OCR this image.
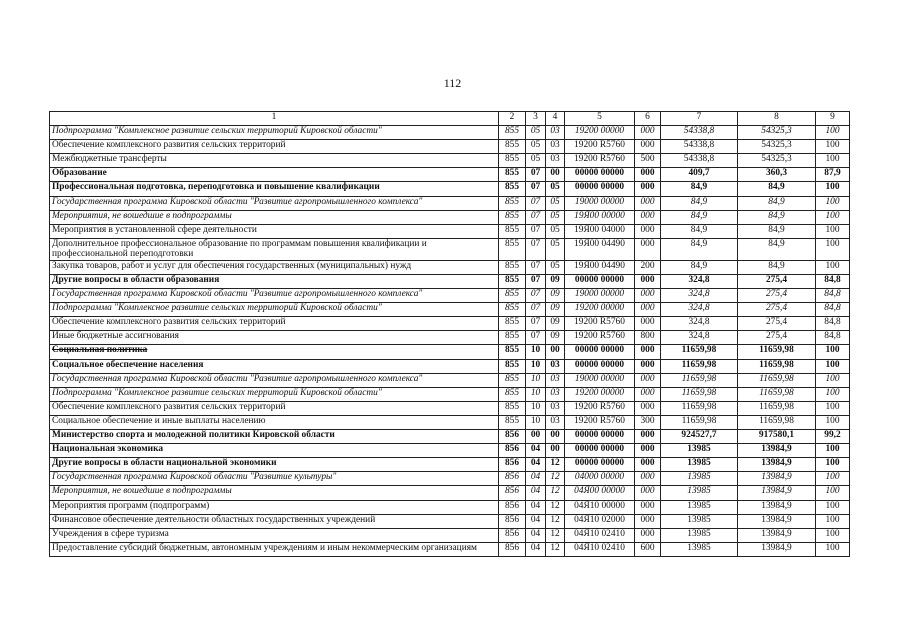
112
1	2	3	4	5	6	7	8	9
Подпрограмма "Комплексное развитие сельских территорий Кировской области"	855	05	03	19200 00000	000	54338,8	54325,3	100
Обеспечение комплексного развития сельских территорий	855	05	03	19200 R5760	000	54338,8	54325,3	100
Межбюджетные трансферты	855	05	03	19200 R5760	500	54338,8	54325,3	100
Образование	855	07	00	00000 00000	000	409,7	360,3	87,9
Профессиональная подготовка, переподготовка и повышение квалификации	855	07	05	00000 00000	000	84,9	84,9	100
Государственная программа Кировской области "Развитие агропромышленного комплекса"	855	07	05	19000 00000	000	84,9	84,9	100
Мероприятия, не вошедшие в подпрограммы	855	07	05	19Я00 00000	000	84,9	84,9	100
Мероприятия в установленной сфере деятельности	855	07	05	19Я00 04000	000	84,9	84,9	100
Дополнительное профессиональное образование по программам повышения квалификации и профессиональной переподготовки	855	07	05	19Я00 04490	000	84,9	84,9	100
Закупка товаров, работ и услуг для обеспечения государственных (муниципальных) нужд	855	07	05	19Я00 04490	200	84,9	84,9	100
Другие вопросы в области образования	855	07	09	00000 00000	000	324,8	275,4	84,8
Государственная программа Кировской области "Развитие агропромышленного комплекса"	855	07	09	19000 00000	000	324,8	275,4	84,8
Подпрограмма "Комплексное развитие сельских территорий Кировской области"	855	07	09	19200 00000	000	324,8	275,4	84,8
Обеспечение комплексного развития сельских территорий	855	07	09	19200 R5760	000	324,8	275,4	84,8
Иные бюджетные ассигнования	855	07	09	19200 R5760	800	324,8	275,4	84,8
Социальная политика	855	10	00	00000 00000	000	11659,98	11659,98	100
Социальное обеспечение населения	855	10	03	00000 00000	000	11659,98	11659,98	100
Государственная программа Кировской области "Развитие агропромышленного комплекса"	855	10	03	19000 00000	000	11659,98	11659,98	100
Подпрограмма "Комплексное развитие сельских территорий Кировской области"	855	10	03	19200 00000	000	11659,98	11659,98	100
Обеспечение комплексного развития сельских территорий	855	10	03	19200 R5760	000	11659,98	11659,98	100
Социальное обеспечение и иные выплаты населению	855	10	03	19200 R5760	300	11659,98	11659,98	100
Министерство спорта и молодежной политики Кировской области	856	00	00	00000 00000	000	924527,7	917580,1	99,2
Национальная экономика	856	04	00	00000 00000	000	13985	13984,9	100
Другие вопросы в области национальной экономики	856	04	12	00000 00000	000	13985	13984,9	100
Государственная программа Кировской области "Развитие культуры"	856	04	12	04000 00000	000	13985	13984,9	100
Мероприятия, не вошедшие в подпрограммы	856	04	12	04Я00 00000	000	13985	13984,9	100
Мероприятия программ (подпрограмм)	856	04	12	04Я10 00000	000	13985	13984,9	100
Финансовое обеспечение деятельности областных государственных учреждений	856	04	12	04Я10 02000	000	13985	13984,9	100
Учреждения в сфере туризма	856	04	12	04Я10 02410	000	13985	13984,9	100
Предоставление субсидий бюджетным, автономным учреждениям и иным некоммерческим организациям	856	04	12	04Я10 02410	600	13985	13984,9	100
